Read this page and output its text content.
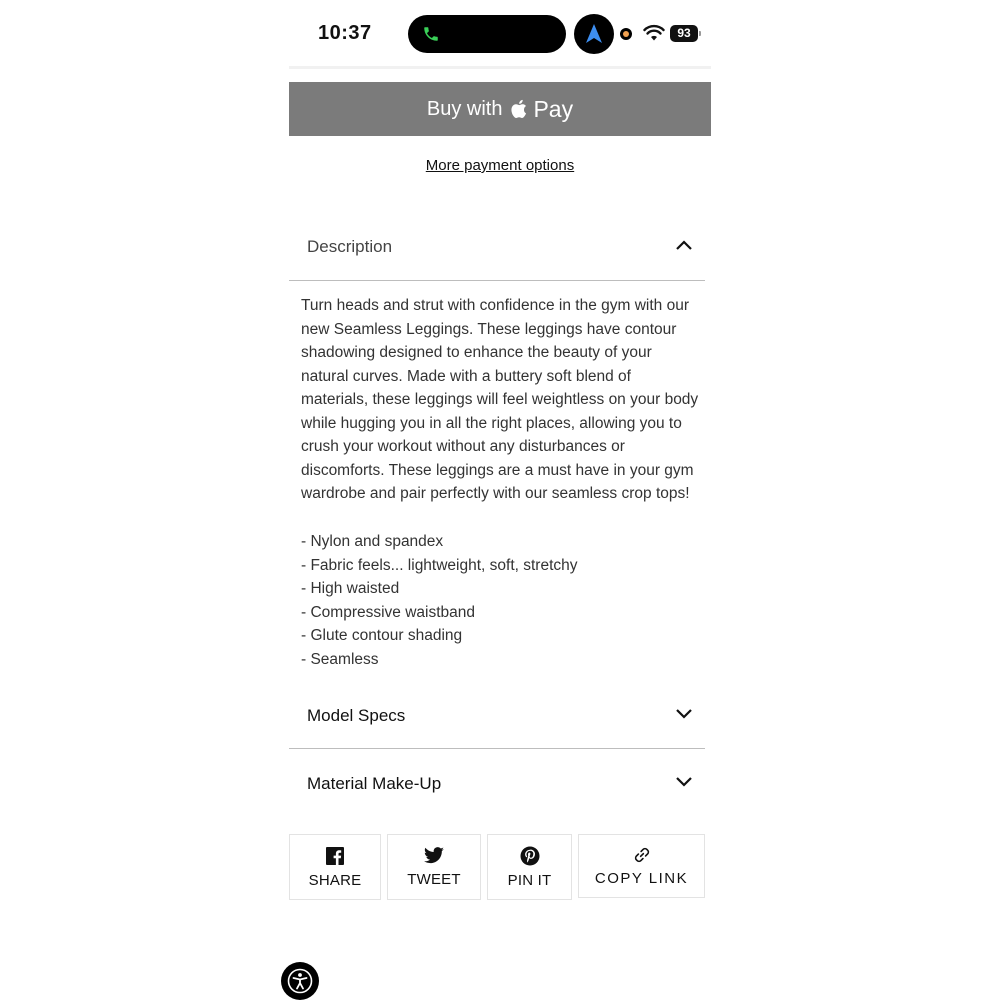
10:37	93
Buy with Pay
More payment options
Description

Turn heads and strut with confidence in the gym with our new Seamless Leggings. These leggings have contour shadowing designed to enhance the beauty of your natural curves. Made with a buttery soft blend of materials, these leggings will feel weightless on your body while hugging you in all the right places, allowing you to crush your workout without any disturbances or discomforts. These leggings are a must have in your gym wardrobe and pair perfectly with our seamless crop tops!

- Nylon and spandex
- Fabric feels... lightweight, soft, stretchy
- High waisted
- Compressive waistband
- Glute contour shading
- Seamless
Model Specs
Material Make-Up
SHARE	TWEET	PIN IT	COPY LINK
